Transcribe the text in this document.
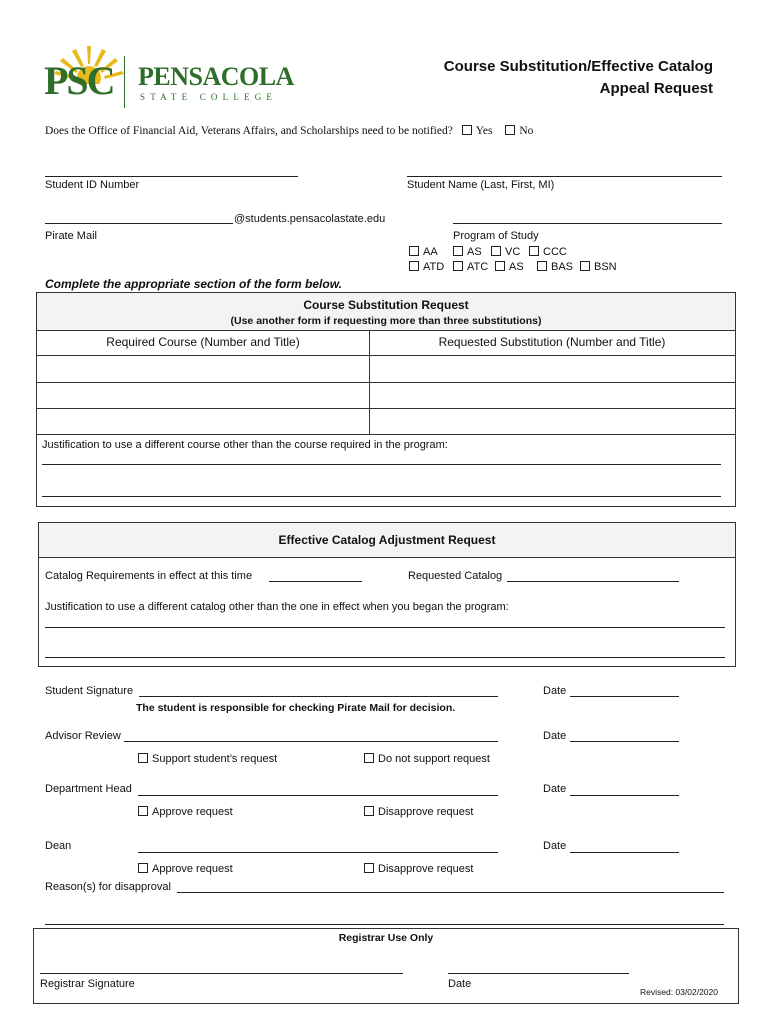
PSC PENSACOLA
STATE COLLEGE
Course Substitution/Effective Catalog
Appeal Request
Does the Office of Financial Aid, Veterans Affairs, and Scholarships need to be notified? Yes No
Student ID Number	Student Name (Last, First, MI)
@students.pensacolastate.edu
Pirate Mail	Program of Study
AA	AS	VC	CCC
ATD	ATC	AS	BAS	BSN
Complete the appropriate section of the form below.
Course Substitution Request
(Use another form if requesting more than three substitutions)
Required Course (Number and Title)	Requested Substitution (Number and Title)
Justification to use a different course other than the course required in the program:
Effective Catalog Adjustment Request
Catalog Requirements in effect at this time	Requested Catalog
Justification to use a different catalog other than the one in effect when you began the program:
Student Signature	Date
The student is responsible for checking Pirate Mail for decision.
Advisor Review	Date
Support student’s request	Do not support request
Department Head	Date
Approve request	Disapprove request
Dean	Date
Approve request	Disapprove request
Reason(s) for disapproval
Registrar Use Only
Registrar Signature	Date
Revised: 03/02/2020
